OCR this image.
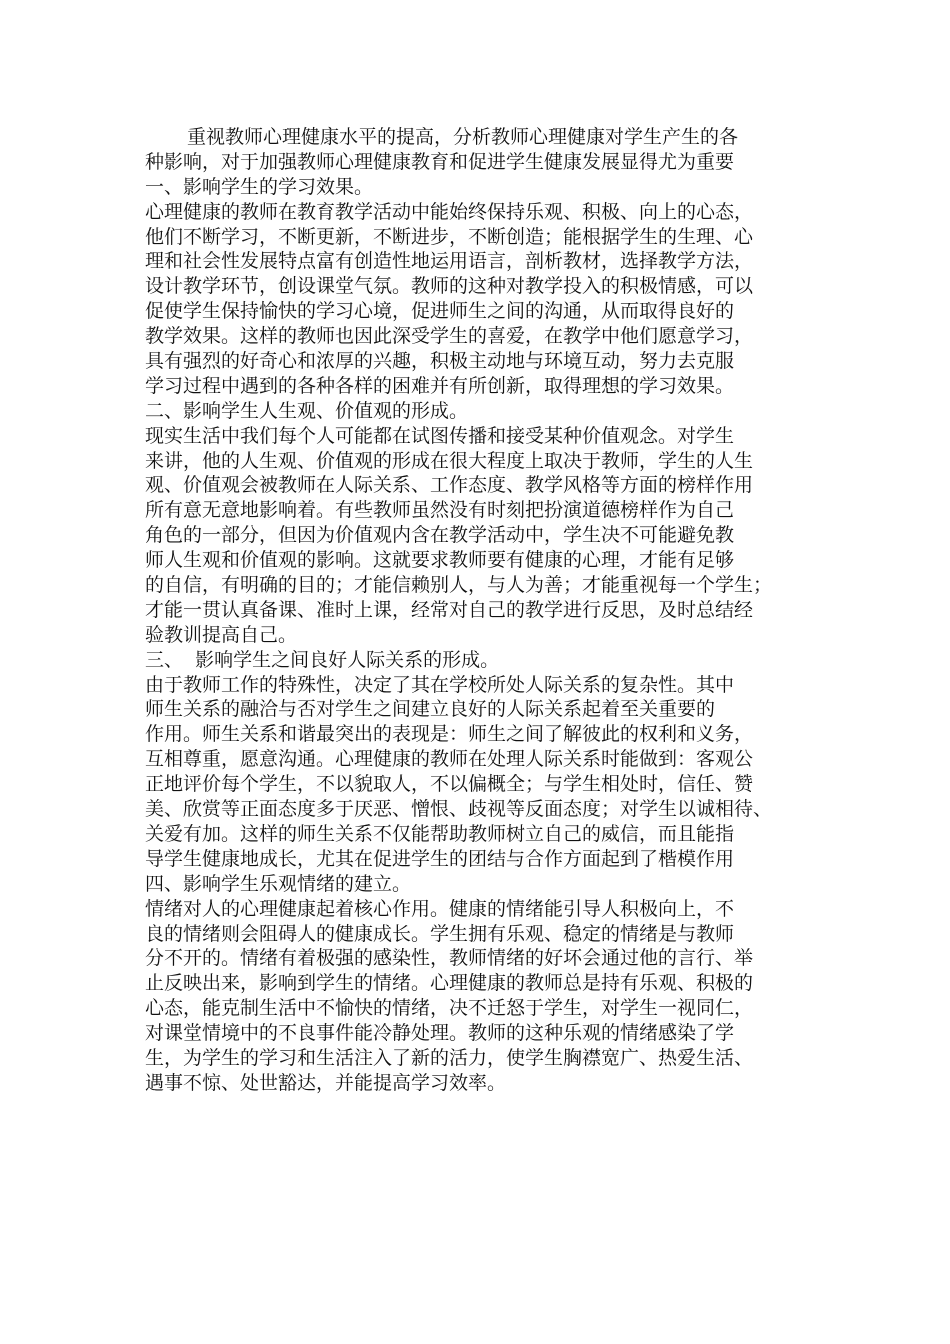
重视教师心理健康水平的提高，分析教师心理健康对学生产生的各
种影响，对于加强教师心理健康教育和促进学生健康发展显得尤为重要
一、影响学生的学习效果。
心理健康的教师在教育教学活动中能始终保持乐观、积极、向上的心态，
他们不断学习，不断更新，不断进步，不断创造；能根据学生的生理、心
理和社会性发展特点富有创造性地运用语言，剖析教材，选择教学方法，
设计教学环节，创设课堂气氛。教师的这种对教学投入的积极情感，可以
促使学生保持愉快的学习心境，促进师生之间的沟通，从而取得良好的
教学效果。这样的教师也因此深受学生的喜爱，在教学中他们愿意学习，
具有强烈的好奇心和浓厚的兴趣，积极主动地与环境互动，努力去克服
学习过程中遇到的各种各样的困难并有所创新，取得理想的学习效果。
二、影响学生人生观、价值观的形成。
现实生活中我们每个人可能都在试图传播和接受某种价值观念。对学生
来讲，他的人生观、价值观的形成在很大程度上取决于教师，学生的人生
观、价值观会被教师在人际关系、工作态度、教学风格等方面的榜样作用
所有意无意地影响着。有些教师虽然没有时刻把扮演道德榜样作为自己
角色的一部分，但因为价值观内含在教学活动中，学生决不可能避免教
师人生观和价值观的影响。这就要求教师要有健康的心理，才能有足够
的自信，有明确的目的；才能信赖别人，与人为善；才能重视每一个学生；
才能一贯认真备课、准时上课，经常对自己的教学进行反思，及时总结经
验教训提高自己。
三、  影响学生之间良好人际关系的形成。
由于教师工作的特殊性，决定了其在学校所处人际关系的复杂性。其中
师生关系的融洽与否对学生之间建立良好的人际关系起着至关重要的
作用。师生关系和谐最突出的表现是：师生之间了解彼此的权利和义务，
互相尊重，愿意沟通。心理健康的教师在处理人际关系时能做到：客观公
正地评价每个学生，不以貌取人，不以偏概全；与学生相处时，信任、赞
美、欣赏等正面态度多于厌恶、憎恨、歧视等反面态度；对学生以诚相待、
关爱有加。这样的师生关系不仅能帮助教师树立自己的威信，而且能指
导学生健康地成长，尤其在促进学生的团结与合作方面起到了楷模作用
四、影响学生乐观情绪的建立。
情绪对人的心理健康起着核心作用。健康的情绪能引导人积极向上，不
良的情绪则会阻碍人的健康成长。学生拥有乐观、稳定的情绪是与教师
分不开的。情绪有着极强的感染性，教师情绪的好坏会通过他的言行、举
止反映出来，影响到学生的情绪。心理健康的教师总是持有乐观、积极的
心态，能克制生活中不愉快的情绪，决不迁怒于学生，对学生一视同仁，
对课堂情境中的不良事件能冷静处理。教师的这种乐观的情绪感染了学
生，为学生的学习和生活注入了新的活力，使学生胸襟宽广、热爱生活、
遇事不惊、处世豁达，并能提高学习效率。
